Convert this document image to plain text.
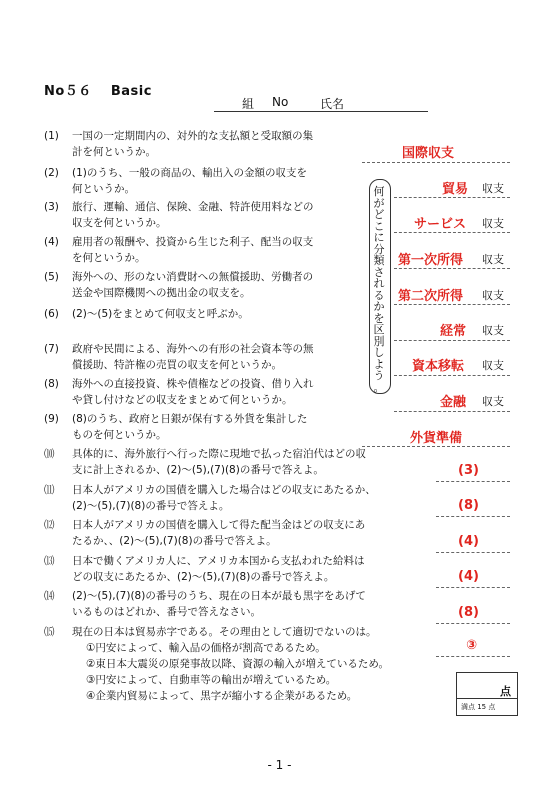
No５６ Basic
組 No	氏名
(1)	一国の一定期間内の、対外的な支払額と受取額の集
計を何というか。
(2)	(1)のうち、一般の商品の、輸出入の金額の収支を
何というか。
(3)	旅行、運輸、通信、保険、金融、特許使用料などの
収支を何というか。
(4)	雇用者の報酬や、投資から生じた利子、配当の収支
を何というか。
(5)	海外への、形のない消費財への無償援助、労働者の
送金や国際機関への拠出金の収支を。
(6)	(2)～(5)をまとめて何収支と呼ぶか。
(7)	政府や民間による、海外への有形の社会資本等の無
償援助、特許権の売買の収支を何というか。
(8)	海外への直接投資、株や債権などの投資、借り入れ
や貸し付けなどの収支をまとめて何というか。
(9)	(8)のうち、政府と日銀が保有する外貨を集計した
ものを何というか。
⑽	具体的に、海外旅行へ行った際に現地で払った宿泊代はどの収
支に計上されるか、(2)～(5),(7)(8)の番号で答えよ。
⑾	日本人がアメリカの国債を購入した場合はどの収支にあたるか、
(2)～(5),(7)(8)の番号で答えよ。
⑿	日本人がアメリカの国債を購入して得た配当金はどの収支にあ
たるか、、(2)～(5),(7)(8)の番号で答えよ。
⒀	日本で働くアメリカ人に、アメリカ本国から支払われた給料は
どの収支にあたるか、(2)～(5),(7)(8)の番号で答えよ。
⒁	(2)～(5),(7)(8)の番号のうち、現在の日本が最も黒字をあげて
いるものはどれか、番号で答えなさい。
⒂	現在の日本は貿易赤字である。その理由として適切でないのは。
①円安によって、輸入品の価格が割高であるため。
②東日本大震災の原発事故以降、資源の輸入が増えているため。
③円安によって、自動車等の輸出が増えているため。
④企業内貿易によって、黒字が縮小する企業があるため。
何
が
ど
こ
に
分
類
さ
れ
る
か
を
区
別
し
よ
う
。
国際収支
貿易 収支
サービス 収支
第一次所得 収支
第二次所得 収支
経常 収支
資本移転 収支
金融 収支
外貨準備
(3)
(8)
(4)
(4)
(8)
③
点
満点 15 点
- 1 -
